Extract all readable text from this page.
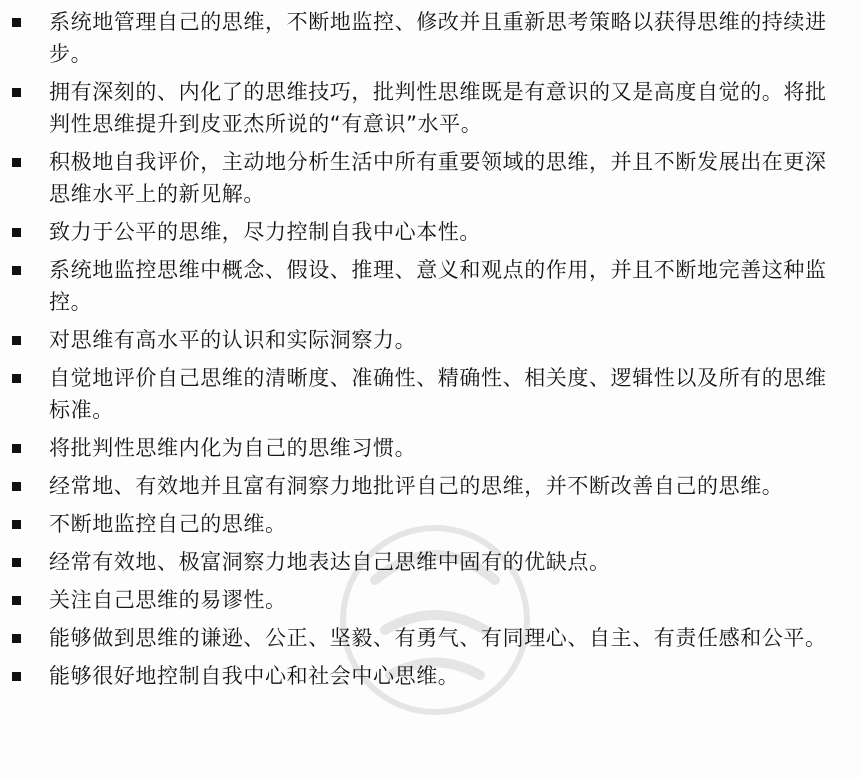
系统地管理自己的思维，不断地监控、修改并且重新思考策略以获得思维的持续进步。
拥有深刻的、内化了的思维技巧，批判性思维既是有意识的又是高度自觉的。将批判性思维提升到皮亚杰所说的“有意识”水平。
积极地自我评价，主动地分析生活中所有重要领域的思维，并且不断发展出在更深思维水平上的新见解。
致力于公平的思维，尽力控制自我中心本性。
系统地监控思维中概念、假设、推理、意义和观点的作用，并且不断地完善这种监控。
对思维有高水平的认识和实际洞察力。
自觉地评价自己思维的清晰度、准确性、精确性、相关度、逻辑性以及所有的思维标准。
将批判性思维内化为自己的思维习惯。
经常地、有效地并且富有洞察力地批评自己的思维，并不断改善自己的思维。
不断地监控自己的思维。
经常有效地、极富洞察力地表达自己思维中固有的优缺点。
关注自己思维的易谬性。
能够做到思维的谦逊、公正、坚毅、有勇气、有同理心、自主、有责任感和公平。
能够很好地控制自我中心和社会中心思维。
